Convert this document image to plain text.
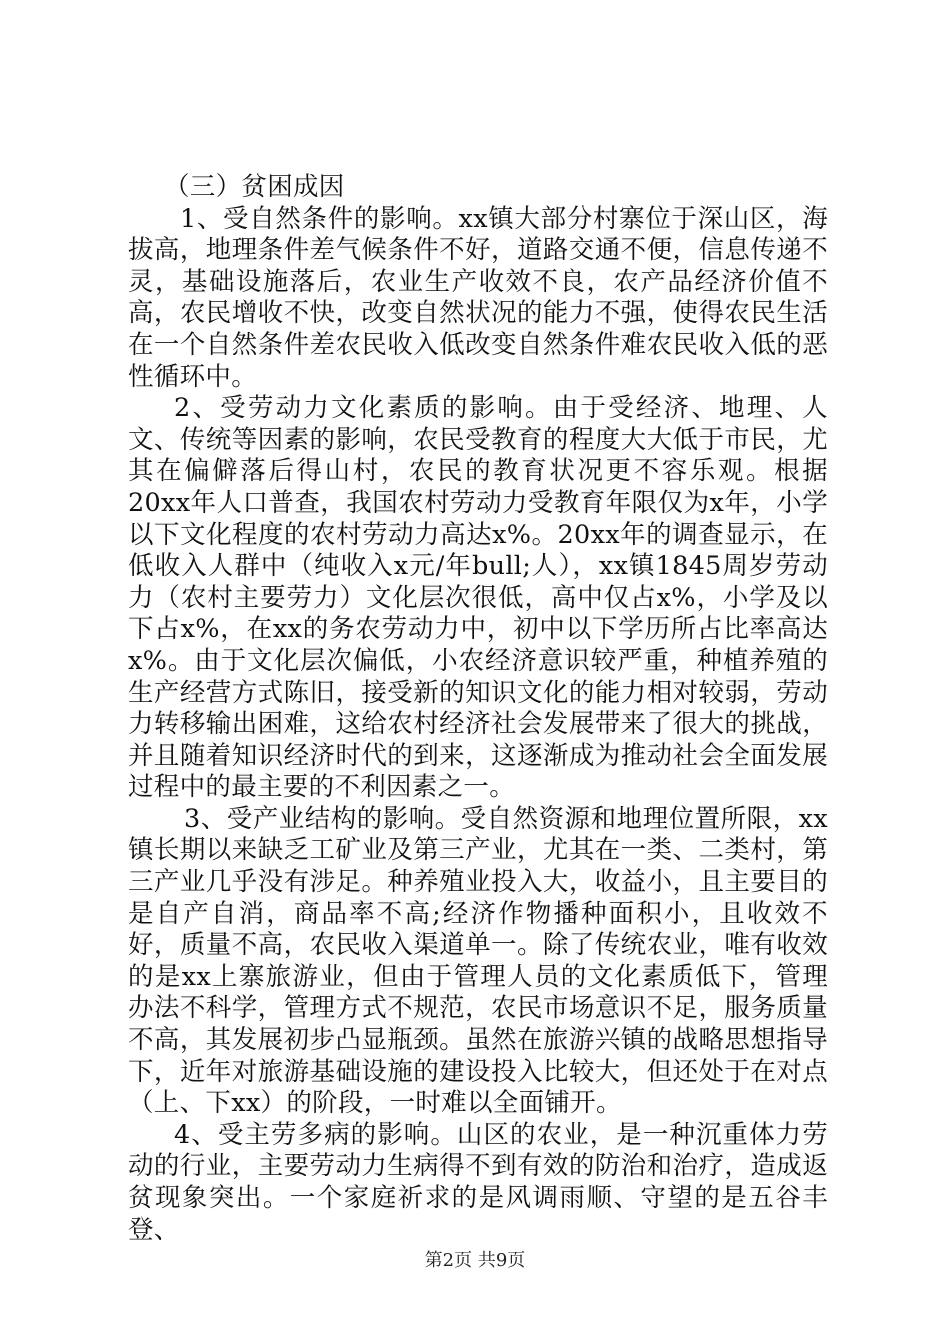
（三）贫困成因

1、受自然条件的影响。xx镇大部分村寨位于深山区，海拔高，地理条件差气候条件不好，道路交通不便，信息传递不灵，基础设施落后，农业生产收效不良，农产品经济价值不高，农民增收不快，改变自然状况的能力不强，使得农民生活在一个自然条件差农民收入低改变自然条件难农民收入低的恶性循环中。

2、受劳动力文化素质的影响。由于受经济、地理、人文、传统等因素的影响，农民受教育的程度大大低于市民，尤其在偏僻落后得山村，农民的教育状况更不容乐观。根据20xx年人口普查，我国农村劳动力受教育年限仅为x年，小学以下文化程度的农村劳动力高达x%。20xx年的调查显示，在低收入人群中（纯收入x元/年bull;人），xx镇1845周岁劳动力（农村主要劳力）文化层次很低，高中仅占x%，小学及以下占x%，在xx的务农劳动力中，初中以下学历所占比率高达x%。由于文化层次偏低，小农经济意识较严重，种植养殖的生产经营方式陈旧，接受新的知识文化的能力相对较弱，劳动力转移输出困难，这给农村经济社会发展带来了很大的挑战，并且随着知识经济时代的到来，这逐渐成为推动社会全面发展过程中的最主要的不利因素之一。

3、受产业结构的影响。受自然资源和地理位置所限，xx镇长期以来缺乏工矿业及第三产业，尤其在一类、二类村，第三产业几乎没有涉足。种养殖业投入大，收益小，且主要目的是自产自消，商品率不高;经济作物播种面积小，且收效不好，质量不高，农民收入渠道单一。除了传统农业，唯有收效的是xx上寨旅游业，但由于管理人员的文化素质低下，管理办法不科学，管理方式不规范，农民市场意识不足，服务质量不高，其发展初步凸显瓶颈。虽然在旅游兴镇的战略思想指导下，近年对旅游基础设施的建设投入比较大，但还处于在对点（上、下xx）的阶段，一时难以全面铺开。

4、受主劳多病的影响。山区的农业，是一种沉重体力劳动的行业，主要劳动力生病得不到有效的防治和治疗，造成返贫现象突出。一个家庭祈求的是风调雨顺、守望的是五谷丰登、

第2页 共9页
